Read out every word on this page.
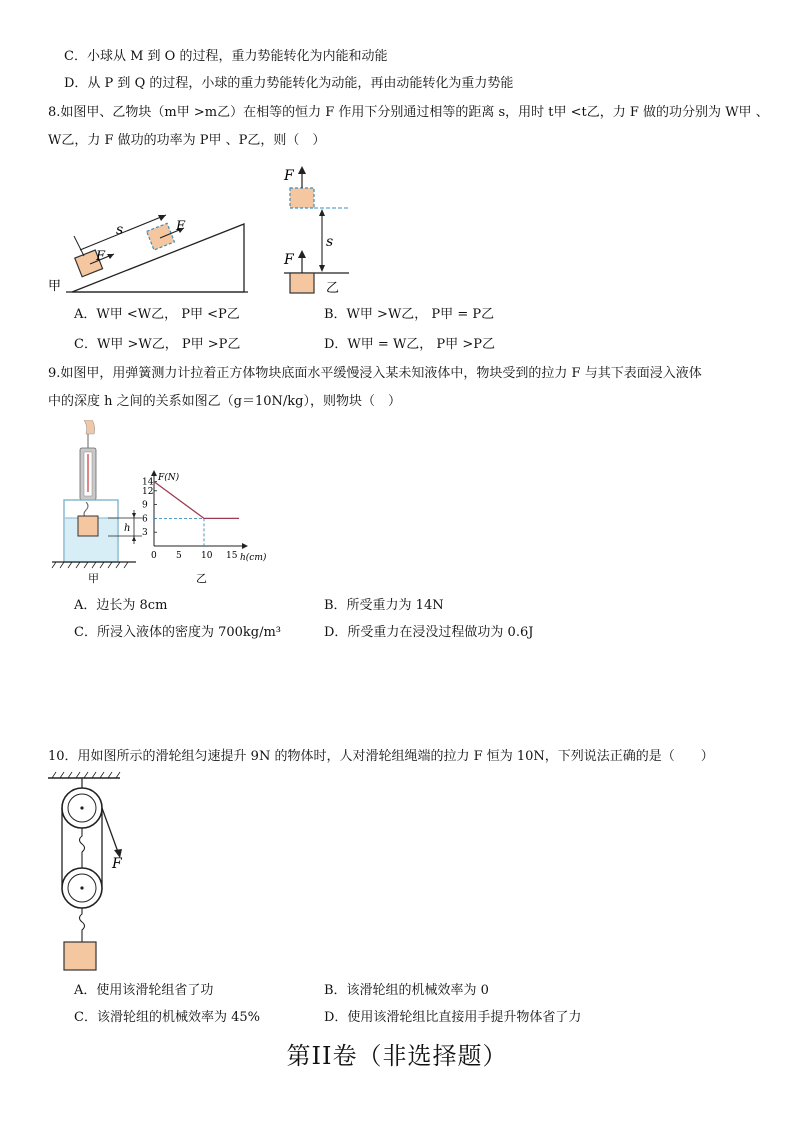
C．小球从 M 到 O 的过程，重力势能转化为内能和动能
D．从 P 到 Q 的过程，小球的重力势能转化为动能，再由动能转化为重力势能
8.如图甲、乙物块（m甲 >m乙）在相等的恒力 F 作用下分别通过相等的距离 s，用时 t甲 <t乙，力 F 做的功分别为 W甲 、
W乙，力 F 做功的功率为 P甲 、P乙，则（　）
F
F
s
甲
F
F
s
乙
A．W甲 <W乙， P甲 <P乙	B．W甲 >W乙， P甲 = P乙
C．W甲 >W乙， P甲 >P乙	D．W甲 = W乙， P甲 >P乙
9.如图甲，用弹簧测力计拉着正方体物块底面水平缓慢浸入某未知液体中，物块受到的拉力 F 与其下表面浸入液体
中的深度 h 之间的关系如图乙（g＝10N/kg），则物块（　）
h
甲
F(N)
h(cm)
3
6
9
12
14
0 5 10 15
乙
A．边长为 8cm	B．所受重力为 14N
C．所浸入液体的密度为 700kg/m³	D．所受重力在浸没过程做功为 0.6J
10．用如图所示的滑轮组匀速提升 9N 的物体时，人对滑轮组绳端的拉力 F 恒为 10N，下列说法正确的是（　　）
F
A．使用该滑轮组省了功	B．该滑轮组的机械效率为 0
C．该滑轮组的机械效率为 45%	D．使用该滑轮组比直接用手提升物体省了力
第II卷（非选择题）
